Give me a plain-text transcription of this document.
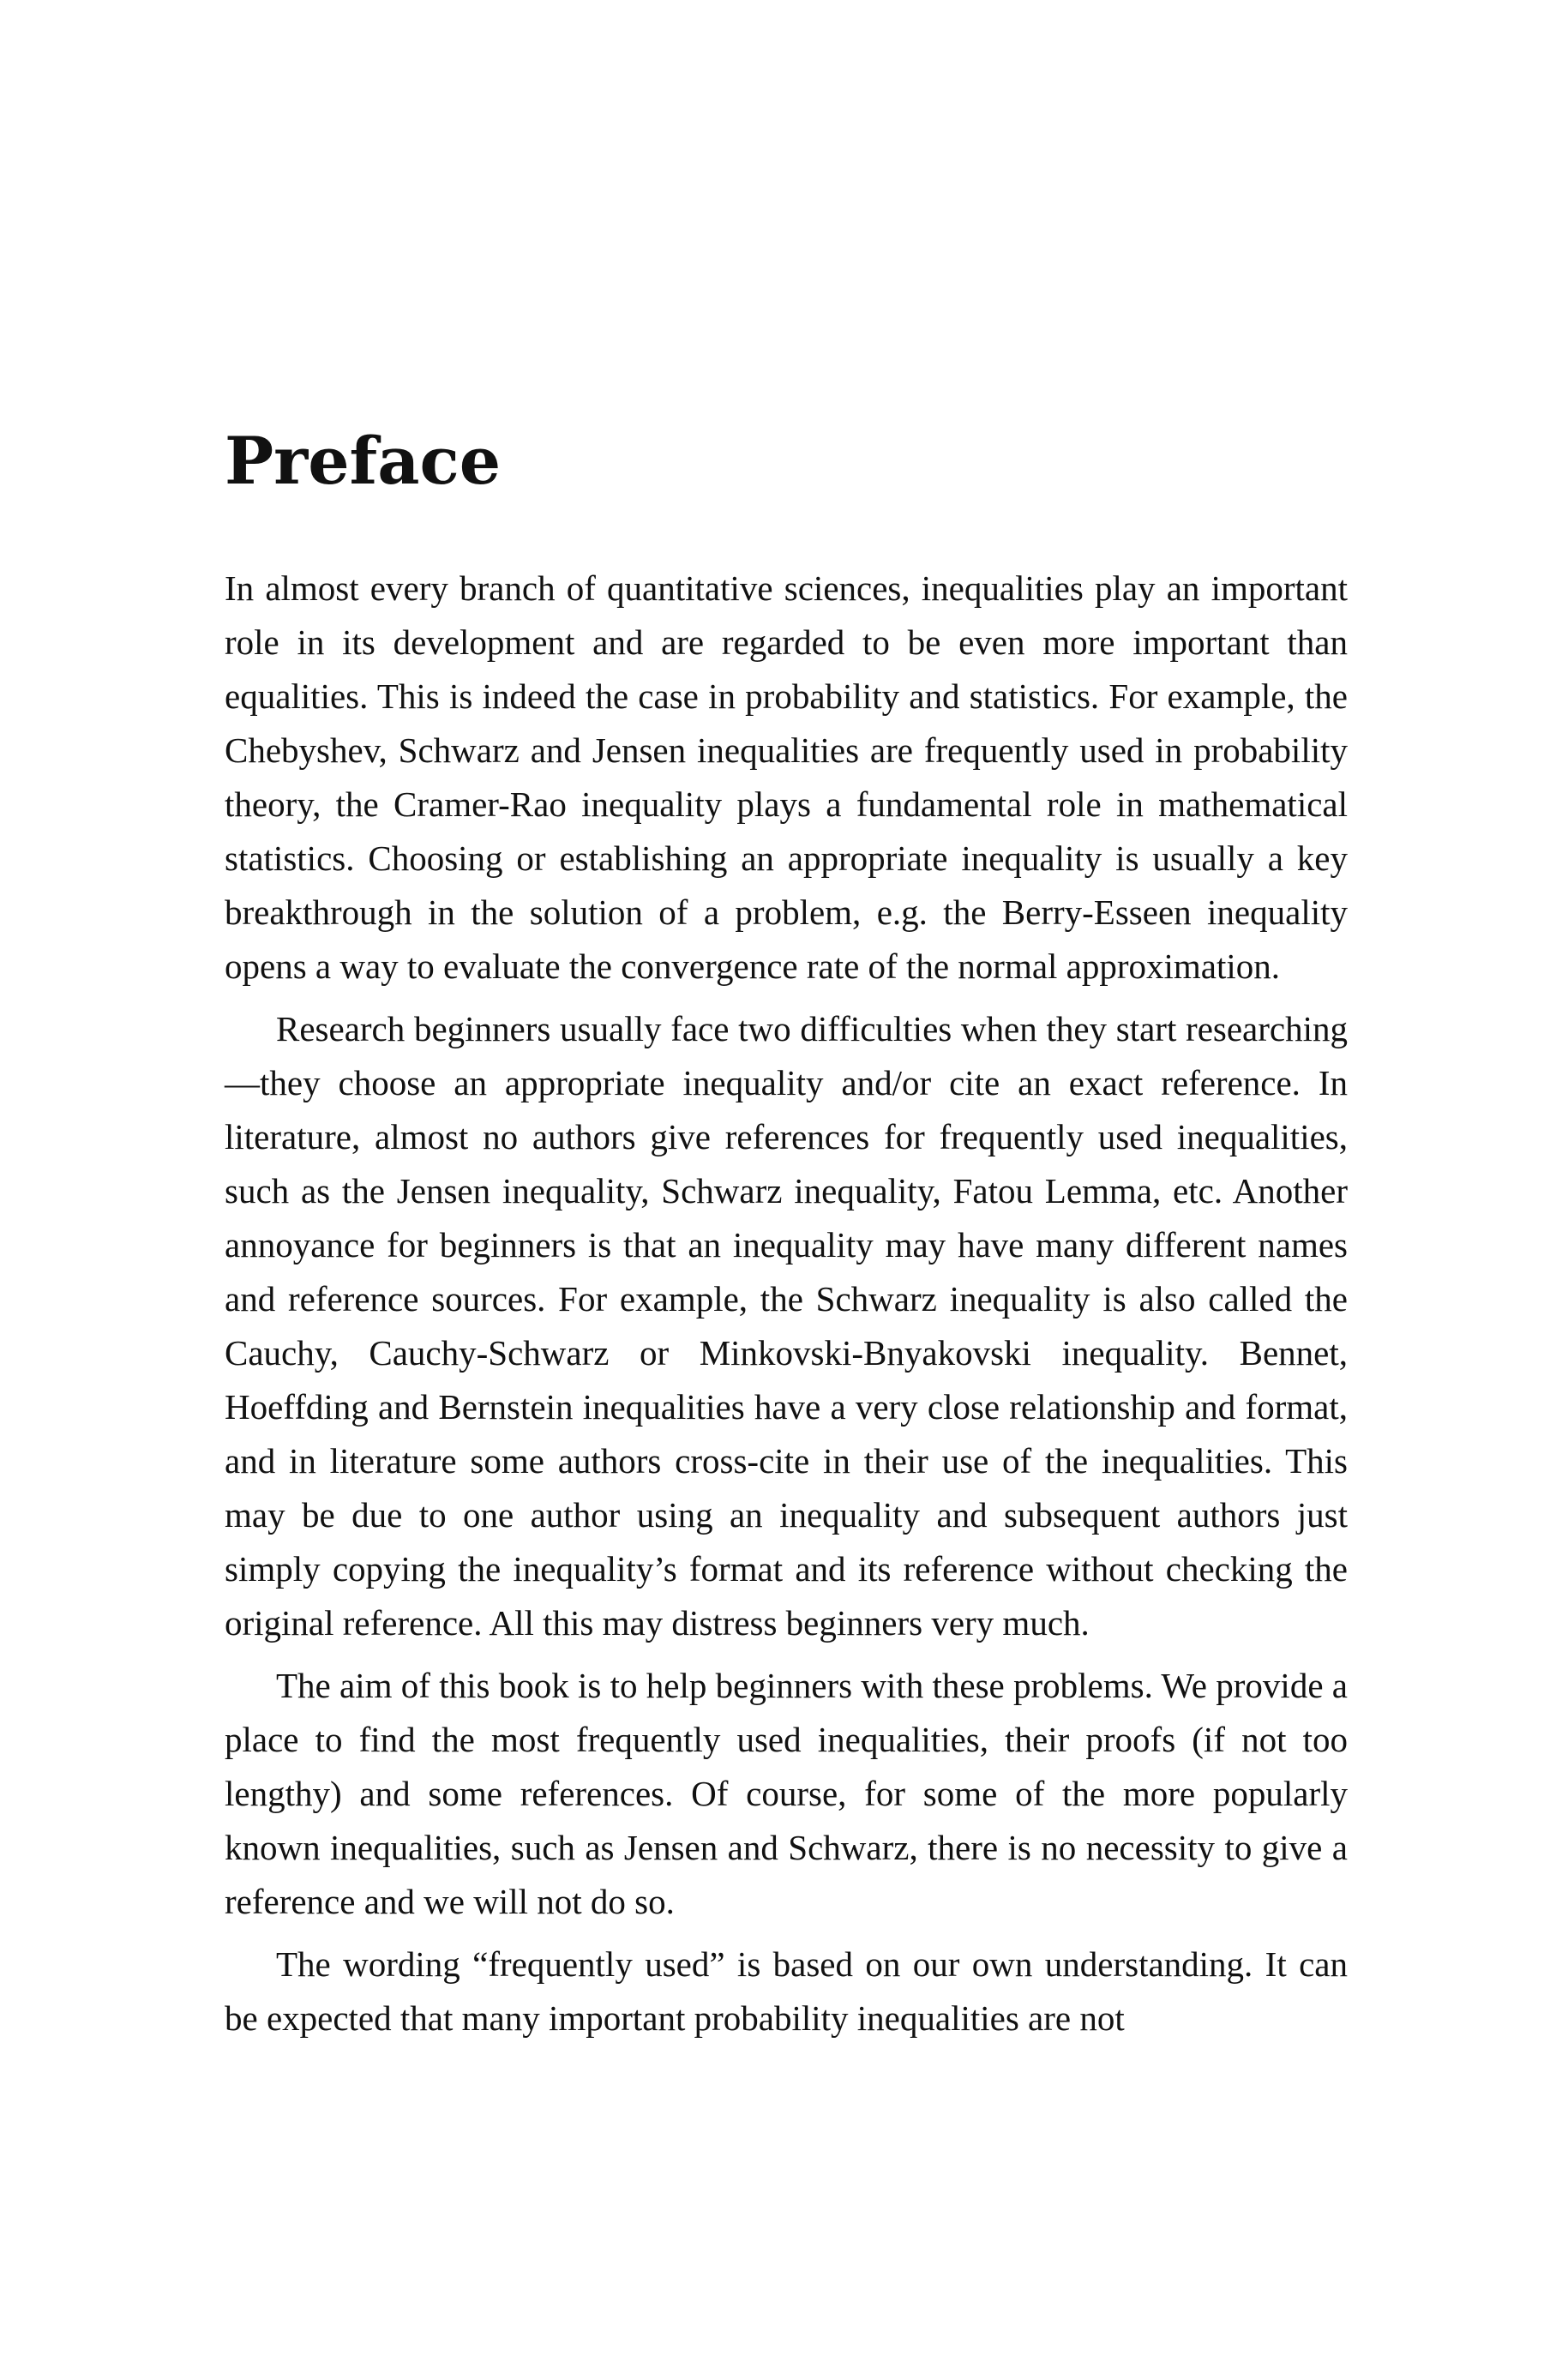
Preface

In almost every branch of quantitative sciences, inequalities play an important role in its development and are regarded to be even more important than equalities. This is indeed the case in probability and statistics. For example, the Chebyshev, Schwarz and Jensen inequalities are frequently used in probability theory, the Cramer-Rao inequality plays a fundamental role in mathematical statistics. Choosing or establishing an appropriate inequality is usually a key breakthrough in the solution of a problem, e.g. the Berry-Esseen inequality opens a way to evaluate the convergence rate of the normal approximation.

Research beginners usually face two difficulties when they start researching—they choose an appropriate inequality and/or cite an exact reference. In literature, almost no authors give references for frequently used inequalities, such as the Jensen inequality, Schwarz inequality, Fatou Lemma, etc. Another annoyance for beginners is that an inequality may have many different names and reference sources. For example, the Schwarz inequality is also called the Cauchy, Cauchy-Schwarz or Minkovski-Bnyakovski inequality. Bennet, Hoeffding and Bernstein inequalities have a very close relationship and format, and in literature some authors cross-cite in their use of the inequalities. This may be due to one author using an inequality and subsequent authors just simply copying the inequality’s format and its reference without checking the original reference. All this may distress beginners very much.

The aim of this book is to help beginners with these problems. We provide a place to find the most frequently used inequalities, their proofs (if not too lengthy) and some references. Of course, for some of the more popularly known inequalities, such as Jensen and Schwarz, there is no necessity to give a reference and we will not do so.

The wording “frequently used” is based on our own understanding. It can be expected that many important probability inequalities are not
